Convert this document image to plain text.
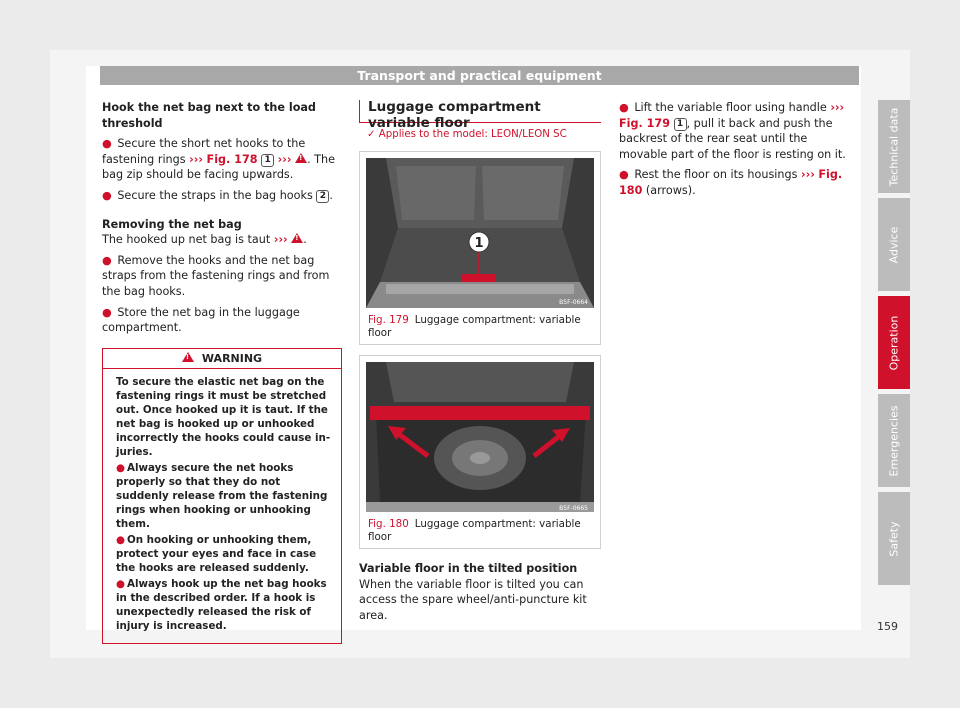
Transport and practical equipment

Hook the net bag next to the load threshold

● Secure the short net hooks to the fastening rings ››› Fig. 178 1 ››› ! . The bag zip should be facing upwards.

● Secure the straps in the bag hooks 2 .

Removing the net bag

The hooked up net bag is taut ››› ! .

● Remove the hooks and the net bag straps from the fastening rings and from the bag hooks.

● Store the net bag in the luggage compartment.

!WARNING

To secure the elastic net bag on the fastening rings it must be stretched out. Once hooked up it is taut. If the net bag is hooked up or unhooked incorrectly the hooks could cause injuries.

● Always secure the net hooks properly so that they do not suddenly release from the fastening rings when hooking or unhooking them.

● On hooking or unhooking them, protect your eyes and face in case the hooks are released suddenly.

● Always hook up the net bag hooks in the described order. If a hook is unexpectedly released the risk of injury is increased.

Luggage compartment variable floor
✓ Applies to the model: LEON/LEON SC
1
B5F-0664
Fig. 179 Luggage compartment: variable floor
B5F-0665
Fig. 180 Luggage compartment: variable floor

Variable floor in the tilted position

When the variable floor is tilted you can access the spare wheel/anti-puncture kit area.

● Lift the variable floor using handle ››› Fig. 179 1 , pull it back and push the backrest of the rear seat until the movable part of the floor is resting on it.

● Rest the floor on its housings ››› Fig. 180 (arrows).

Technical data
Advice
Operation
Emergencies
Safety
159
